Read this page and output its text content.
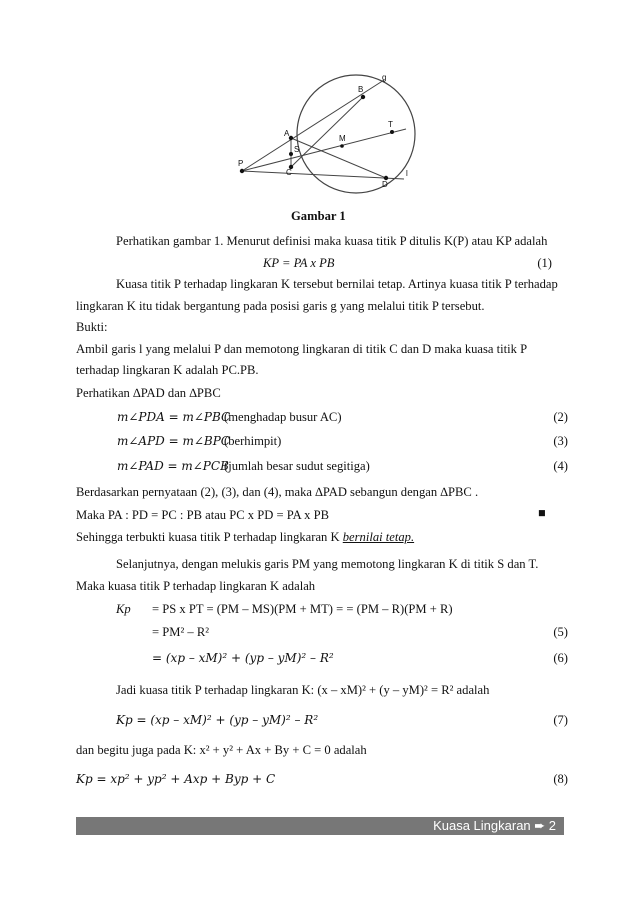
g
B
T
A
M
S
P
C
D
l
Gambar 1
Perhatikan gambar 1. Menurut definisi maka kuasa titik P ditulis K(P) atau KP adalah
KP = PA x PB	(1)
Kuasa titik P terhadap lingkaran K tersebut bernilai tetap. Artinya kuasa titik P terhadap
lingkaran K itu tidak bergantung pada posisi garis g yang melalui titik P tersebut.
Bukti:
Ambil garis l yang melalui P dan memotong lingkaran di titik C dan D maka kuasa titik P
terhadap lingkaran K adalah PC.PB.
Perhatikan ∆PAD dan ∆PBC
m∠PDA = m∠PBC
(menghadap busur AC)	(2)
m∠APD = m∠BPC
(berhimpit)	(3)
m∠PAD = m∠PCB
(jumlah besar sudut segitiga)	(4)
Berdasarkan pernyataan (2), (3), dan (4), maka ∆PAD sebangun dengan ∆PBC .
Maka PA : PD = PC : PB atau PC x PD = PA x PB	■
Sehingga terbukti kuasa titik P terhadap lingkaran K bernilai tetap.
Selanjutnya, dengan melukis garis PM yang memotong lingkaran K di titik S dan T.
Maka kuasa titik P terhadap lingkaran K adalah
Kp = PS x PT = (PM – MS)(PM + MT) = = (PM – R)(PM + R)
= PM² – R²	(5)
= (xp – xM)² + (yp – yM)² – R²	(6)
Jadi kuasa titik P terhadap lingkaran K: (x – xM)² + (y – yM)² = R² adalah
Kp = (xp – xM)² + (yp – yM)² – R²	(7)
dan begitu juga pada K: x² + y² + Ax + By + C = 0 adalah
Kp = xp² + yp² + Axp + Byp + C	(8)
Kuasa Lingkaran ➨ 2
